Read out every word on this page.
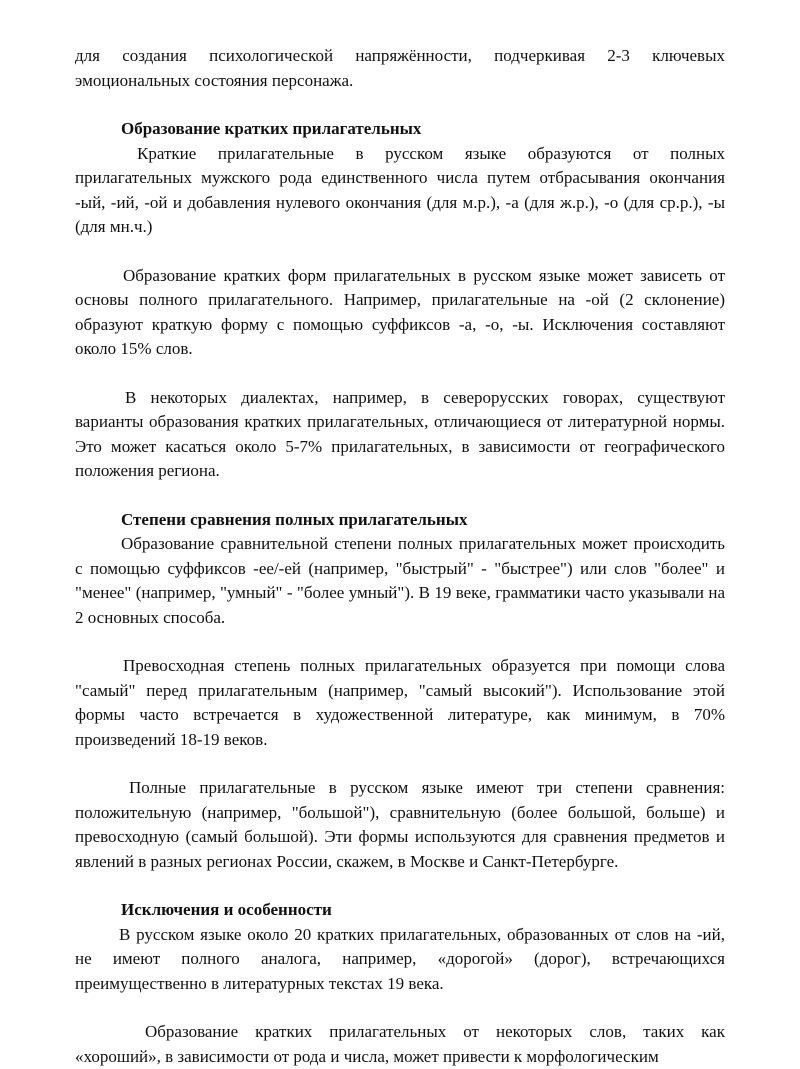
для создания психологической напряжённости, подчеркивая 2-3 ключевых эмоциональных состояния персонажа.

Образование кратких прилагательных

Краткие прилагательные в русском языке образуются от полных прилагательных мужского рода единственного числа путем отбрасывания окончания -ый, -ий, -ой и добавления нулевого окончания (для м.р.), -а (для ж.р.), -о (для ср.р.), -ы (для мн.ч.)

Образование кратких форм прилагательных в русском языке может зависеть от основы полного прилагательного. Например, прилагательные на -ой (2 склонение) образуют краткую форму с помощью суффиксов -а, -о, -ы. Исключения составляют около 15% слов.

В некоторых диалектах, например, в северорусских говорах, существуют варианты образования кратких прилагательных, отличающиеся от литературной нормы. Это может касаться около 5-7% прилагательных, в зависимости от географического положения региона.

Степени сравнения полных прилагательных

Образование сравнительной степени полных прилагательных может происходить с помощью суффиксов -ее/-ей (например, "быстрый" - "быстрее") или слов "более" и "менее" (например, "умный" - "более умный"). В 19 веке, грамматики часто указывали на 2 основных способа.

Превосходная степень полных прилагательных образуется при помощи слова "самый" перед прилагательным (например, "самый высокий"). Использование этой формы часто встречается в художественной литературе, как минимум, в 70% произведений 18-19 веков.

Полные прилагательные в русском языке имеют три степени сравнения: положительную (например, "большой"), сравнительную (более большой, больше) и превосходную (самый большой). Эти формы используются для сравнения предметов и явлений в разных регионах России, скажем, в Москве и Санкт-Петербурге.

Исключения и особенности

В русском языке около 20 кратких прилагательных, образованных от слов на -ий, не имеют полного аналога, например, «дорогой» (дорог), встречающихся преимущественно в литературных текстах 19 века.

Образование кратких прилагательных от некоторых слов, таких как «хороший», в зависимости от рода и числа, может привести к морфологическим
